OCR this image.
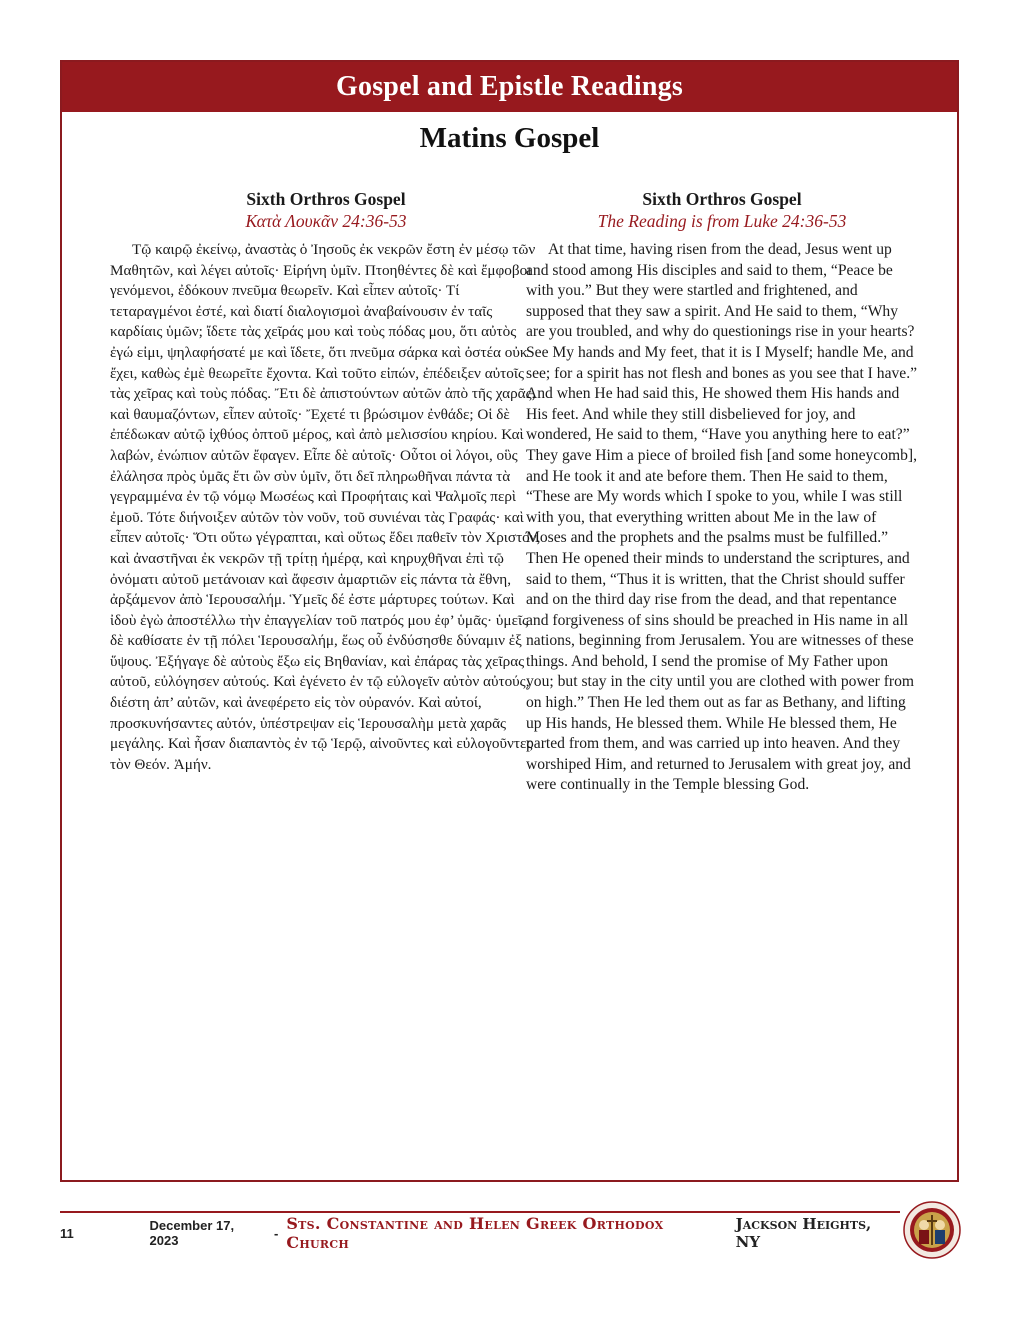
Gospel and Epistle Readings
Matins Gospel
Sixth Orthros Gospel
Κατὰ Λουκᾶν 24:36-53

Τῷ καιρῷ ἐκείνῳ, ἀναστὰς ὁ Ἰησοῦς ἐκ νεκρῶν ἔστη ἐν μέσῳ τῶν Μαθητῶν, καὶ λέγει αὐτοῖς· Εἰρήνη ὑμῖν. Πτοηθέντες δὲ καὶ ἔμφοβοι γενόμενοι, ἐδόκουν πνεῦμα θεωρεῖν. Καὶ εἶπεν αὐτοῖς· Τί τεταραγμένοι ἐστέ, καὶ διατί διαλογισμοὶ ἀναβαίνουσιν ἐν ταῖς καρδίαις ὑμῶν; ἴδετε τὰς χεῖράς μου καὶ τοὺς πόδας μου, ὅτι αὐτὸς ἐγώ εἰμι, ψηλαφήσατέ με καὶ ἴδετε, ὅτι πνεῦμα σάρκα καὶ ὀστέα οὐκ ἔχει, καθὼς ἐμὲ θεωρεῖτε ἔχοντα. Καὶ τοῦτο εἰπών, ἐπέδειξεν αὐτοῖς τὰς χεῖρας καὶ τοὺς πόδας. Ἔτι δὲ ἀπιστούντων αὐτῶν ἀπὸ τῆς χαρᾶς, καὶ θαυμαζόντων, εἶπεν αὐτοῖς· Ἔχετέ τι βρώσιμον ἐνθάδε; Οἱ δὲ ἐπέδωκαν αὐτῷ ἰχθύος ὀπτοῦ μέρος, καὶ ἀπὸ μελισσίου κηρίου. Καὶ λαβών, ἐνώπιον αὐτῶν ἔφαγεν. Εἶπε δὲ αὐτοῖς· Οὗτοι οἱ λόγοι, οὓς ἐλάλησα πρὸς ὑμᾶς ἔτι ὢν σὺν ὑμῖν, ὅτι δεῖ πληρωθῆναι πάντα τὰ γεγραμμένα ἐν τῷ νόμῳ Μωσέως καὶ Προφήταις καὶ Ψαλμοῖς περὶ ἐμοῦ. Τότε διήνοιξεν αὐτῶν τὸν νοῦν, τοῦ συνιέναι τὰς Γραφάς· καὶ εἶπεν αὐτοῖς· Ὅτι οὕτω γέγραπται, καὶ οὕτως ἔδει παθεῖν τὸν Χριστόν, καὶ ἀναστῆναι ἐκ νεκρῶν τῇ τρίτῃ ἡμέρᾳ, καὶ κηρυχθῆναι ἐπὶ τῷ ὀνόματι αὐτοῦ μετάνοιαν καὶ ἄφεσιν ἁμαρτιῶν εἰς πάντα τὰ ἔθνη, ἀρξάμενον ἀπὸ Ἱερουσαλήμ. Ὑμεῖς δέ ἐστε μάρτυρες τούτων. Καὶ ἰδοὺ ἐγὼ ἀποστέλλω τὴν ἐπαγγελίαν τοῦ πατρός μου ἐφ’ ὑμᾶς· ὑμεῖς δὲ καθίσατε ἐν τῇ πόλει Ἱερουσαλήμ, ἕως οὗ ἐνδύσησθε δύναμιν ἐξ ὕψους. Ἐξήγαγε δὲ αὐτοὺς ἔξω εἰς Βηθανίαν, καὶ ἐπάρας τὰς χεῖρας αὐτοῦ, εὐλόγησεν αὐτούς. Καὶ ἐγένετο ἐν τῷ εὐλογεῖν αὐτὸν αὐτούς, διέστη ἀπ’ αὐτῶν, καὶ ἀνεφέρετο εἰς τὸν οὐρανόν. Καὶ αὐτοί, προσκυνήσαντες αὐτόν, ὑπέστρεψαν εἰς Ἱερουσαλὴμ μετὰ χαρᾶς μεγάλης. Καὶ ἦσαν διαπαντὸς ἐν τῷ Ἱερῷ, αἰνοῦντες καὶ εὐλογοῦντες τὸν Θεόν. Ἀμήν.

Sixth Orthros Gospel
The Reading is from Luke 24:36-53

At that time, having risen from the dead, Jesus went up and stood among His disciples and said to them, “Peace be with you.” But they were startled and frightened, and supposed that they saw a spirit. And He said to them, “Why are you troubled, and why do questionings rise in your hearts? See My hands and My feet, that it is I Myself; handle Me, and see; for a spirit has not flesh and bones as you see that I have.” And when He had said this, He showed them His hands and His feet. And while they still disbelieved for joy, and wondered, He said to them, “Have you anything here to eat?” They gave Him a piece of broiled fish [and some honeycomb], and He took it and ate before them. Then He said to them, “These are My words which I spoke to you, while I was still with you, that everything written about Me in the law of Moses and the prophets and the psalms must be fulfilled.” Then He opened their minds to understand the scriptures, and said to them, “Thus it is written, that the Christ should suffer and on the third day rise from the dead, and that repentance and forgiveness of sins should be preached in His name in all nations, beginning from Jerusalem. You are witnesses of these things. And behold, I send the promise of My Father upon you; but stay in the city until you are clothed with power from on high.” Then He led them out as far as Bethany, and lifting up His hands, He blessed them. While He blessed them, He parted from them, and was carried up into heaven. And they worshiped Him, and returned to Jerusalem with great joy, and were continually in the Temple blessing God.

11	December 17, 2023	- Sts. Constantine and Helen Greek Orthodox Church
Jackson Heights, NY
